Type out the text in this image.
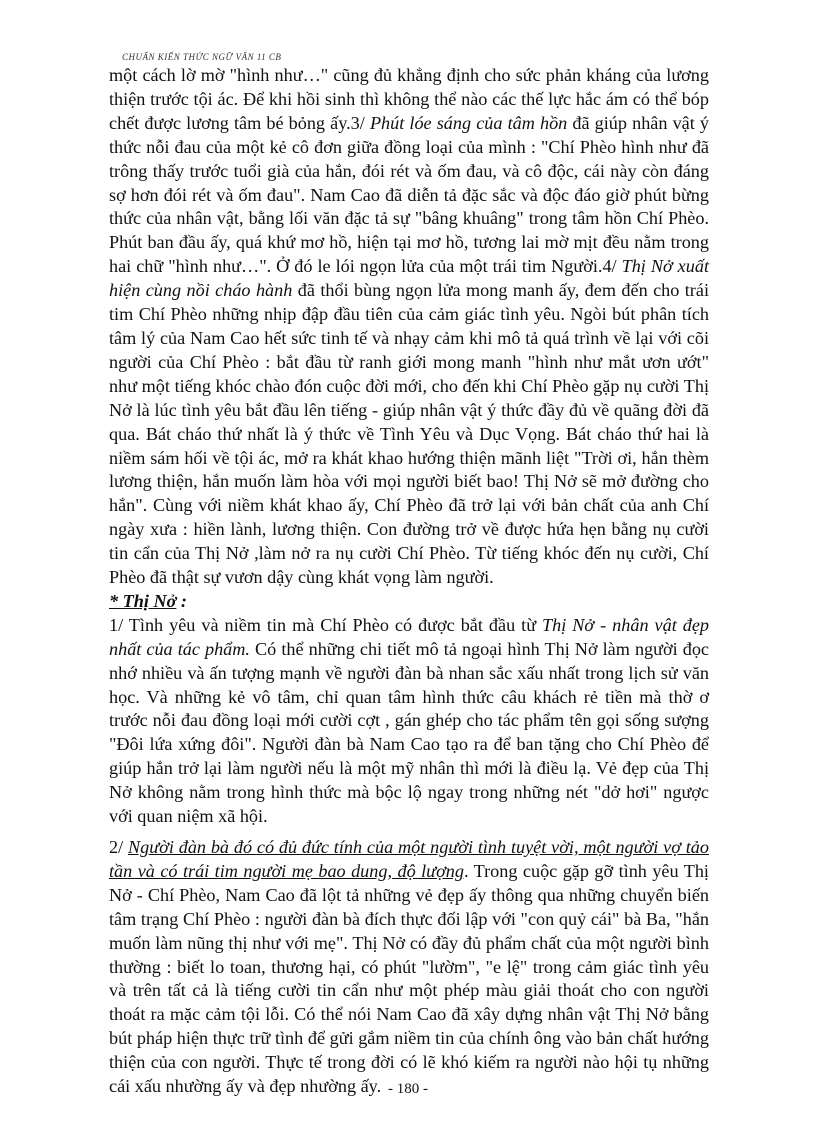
CHUẨN KIẾN THỨC NGỮ VĂN 11 CB

một cách lờ mờ "hình như…" cũng đủ khẳng định cho sức phản kháng của lương thiện trước tội ác. Để khi hồi sinh thì không thể nào các thế lực hắc ám có thể bóp chết được lương tâm bé bỏng ấy.3/ Phút lóe sáng của tâm hồn đã giúp nhân vật ý thức nỗi đau của một kẻ cô đơn giữa đồng loại của mình : "Chí Phèo hình như đã trông thấy trước tuổi già của hắn, đói rét và ốm đau, và cô độc, cái này còn đáng sợ hơn đói rét và ốm đau". Nam Cao đã diễn tả đặc sắc và độc đáo giờ phút bừng thức của nhân vật, bằng lối văn đặc tả sự "bâng khuâng" trong tâm hồn Chí Phèo. Phút ban đầu ấy, quá khứ mơ hồ, hiện tại mơ hồ, tương lai mờ mịt đều nằm trong hai chữ "hình như…". Ở đó le lói ngọn lửa của một trái tim Người.4/ Thị Nở xuất hiện cùng nồi cháo hành đã thổi bùng ngọn lửa mong manh ấy, đem đến cho trái tim Chí Phèo những nhịp đập đầu tiên của cảm giác tình yêu. Ngòi bút phân tích tâm lý của Nam Cao hết sức tinh tế và nhạy cảm khi mô tả quá trình về lại với cõi người của Chí Phèo : bắt đầu từ ranh giới mong manh "hình như mắt ươn ướt" như một tiếng khóc chào đón cuộc đời mới, cho đến khi Chí Phèo gặp nụ cười Thị Nở là lúc tình yêu bắt đầu lên tiếng - giúp nhân vật ý thức đầy đủ về quãng đời đã qua. Bát cháo thứ nhất là ý thức về Tình Yêu và Dục Vọng. Bát cháo thứ hai là niềm sám hối về tội ác, mở ra khát khao hướng thiện mãnh liệt "Trời ơi, hắn thèm lương thiện, hắn muốn làm hòa với mọi người biết bao! Thị Nở sẽ mở đường cho hắn". Cùng với niềm khát khao ấy, Chí Phèo đã trở lại với bản chất của anh Chí ngày xưa : hiền lành, lương thiện. Con đường trở về được hứa hẹn bằng nụ cười tin cẩn của Thị Nở ,làm nở ra nụ cười Chí Phèo. Từ tiếng khóc đến nụ cười, Chí Phèo đã thật sự vươn dậy cùng khát vọng làm người.

* Thị Nở :

1/ Tình yêu và niềm tin mà Chí Phèo có được bắt đầu từ Thị Nở - nhân vật đẹp nhất của tác phẩm. Có thể những chi tiết mô tả ngoại hình Thị Nở làm người đọc nhớ nhiều và ấn tượng mạnh về người đàn bà nhan sắc xấu nhất trong lịch sử văn học. Và những kẻ vô tâm, chỉ quan tâm hình thức câu khách rẻ tiền mà thờ ơ trước nỗi đau đồng loại mới cười cợt , gán ghép cho tác phẩm tên gọi sống sượng "Đôi lứa xứng đôi". Người đàn bà Nam Cao tạo ra để ban tặng cho Chí Phèo để giúp hắn trở lại làm người nếu là một mỹ nhân thì mới là điều lạ. Vẻ đẹp của Thị Nở không nằm trong hình thức mà bộc lộ ngay trong những nét "dở hơi" ngược với quan niệm xã hội.

2/ Người đàn bà đó có đủ đức tính của một người tình tuyệt vời, một người vợ tảo tần và có trái tim người mẹ bao dung, độ lượng. Trong cuộc gặp gỡ tình yêu Thị Nở - Chí Phèo, Nam Cao đã lột tả những vẻ đẹp ấy thông qua những chuyển biến tâm trạng Chí Phèo : người đàn bà đích thực đối lập với "con quỷ cái" bà Ba, "hắn muốn làm nũng thị như với mẹ". Thị Nở có đầy đủ phẩm chất của một người bình thường : biết lo toan, thương hại, có phút "lườm", "e lệ" trong cảm giác tình yêu và trên tất cả là tiếng cười tin cẩn như một phép màu giải thoát cho con người thoát ra mặc cảm tội lỗi. Có thể nói Nam Cao đã xây dựng nhân vật Thị Nở bằng bút pháp hiện thực trữ tình để gửi gắm niềm tin của chính ông vào bản chất hướng thiện của con người. Thực tế trong đời có lẽ khó kiếm ra người nào hội tụ những cái xấu nhường ấy và đẹp nhường ấy. - 180 -
